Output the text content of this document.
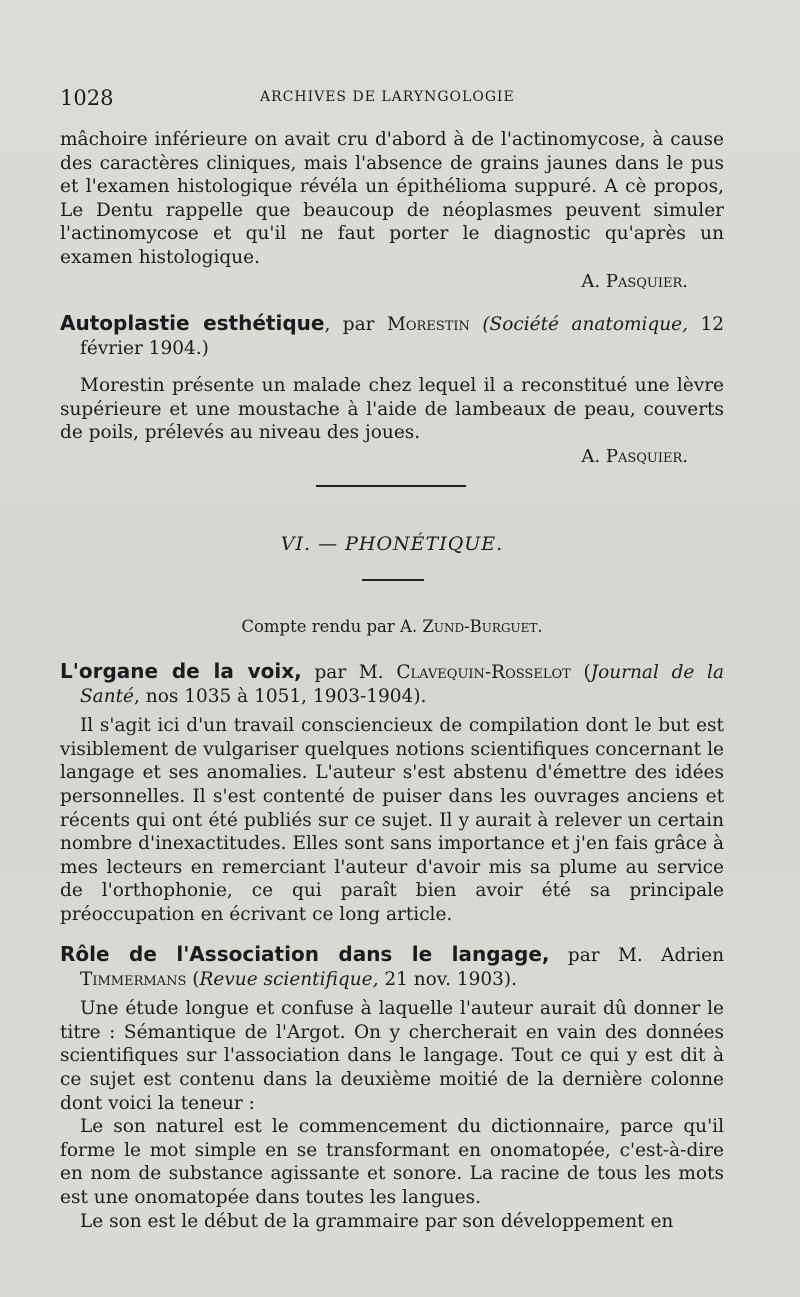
1028	ARCHIVES DE LARYNGOLOGIE

mâchoire inférieure on avait cru d'abord à de l'actinomycose, à cause des caractères cliniques, mais l'absence de grains jaunes dans le pus et l'examen histologique révéla un épithélioma suppuré. A cè propos, Le Dentu rappelle que beaucoup de néoplasmes peuvent simuler l'actinomycose et qu'il ne faut porter le diagnostic qu'après un examen histologique.

A. Pasquier.

Autoplastie esthétique, par Morestin (Société anatomique, 12 février 1904.)

Morestin présente un malade chez lequel il a reconstitué une lèvre supérieure et une moustache à l'aide de lambeaux de peau, couverts de poils, prélevés au niveau des joues.

A. Pasquier.

VI. — PHONÉTIQUE.
Compte rendu par A. Zund-Burguet.

L'organe de la voix, par M. Clavequin-Rosselot (Journal de la Santé, nos 1035 à 1051, 1903-1904).

Il s'agit ici d'un travail consciencieux de compilation dont le but est visiblement de vulgariser quelques notions scientifiques concernant le langage et ses anomalies. L'auteur s'est abstenu d'émettre des idées personnelles. Il s'est contenté de puiser dans les ouvrages anciens et récents qui ont été publiés sur ce sujet. Il y aurait à relever un certain nombre d'inexactitudes. Elles sont sans importance et j'en fais grâce à mes lecteurs en remerciant l'auteur d'avoir mis sa plume au service de l'orthophonie, ce qui paraît bien avoir été sa principale préoccupation en écrivant ce long article.

Rôle de l'Association dans le langage, par M. Adrien Timmermans (Revue scientifique, 21 nov. 1903).

Une étude longue et confuse à laquelle l'auteur aurait dû donner le titre : Sémantique de l'Argot. On y chercherait en vain des données scientifiques sur l'association dans le langage. Tout ce qui y est dit à ce sujet est contenu dans la deuxième moitié de la dernière colonne dont voici la teneur :

Le son naturel est le commencement du dictionnaire, parce qu'il forme le mot simple en se transformant en onomatopée, c'est-à-dire en nom de substance agissante et sonore. La racine de tous les mots est une onomatopée dans toutes les langues.

Le son est le début de la grammaire par son développement en
